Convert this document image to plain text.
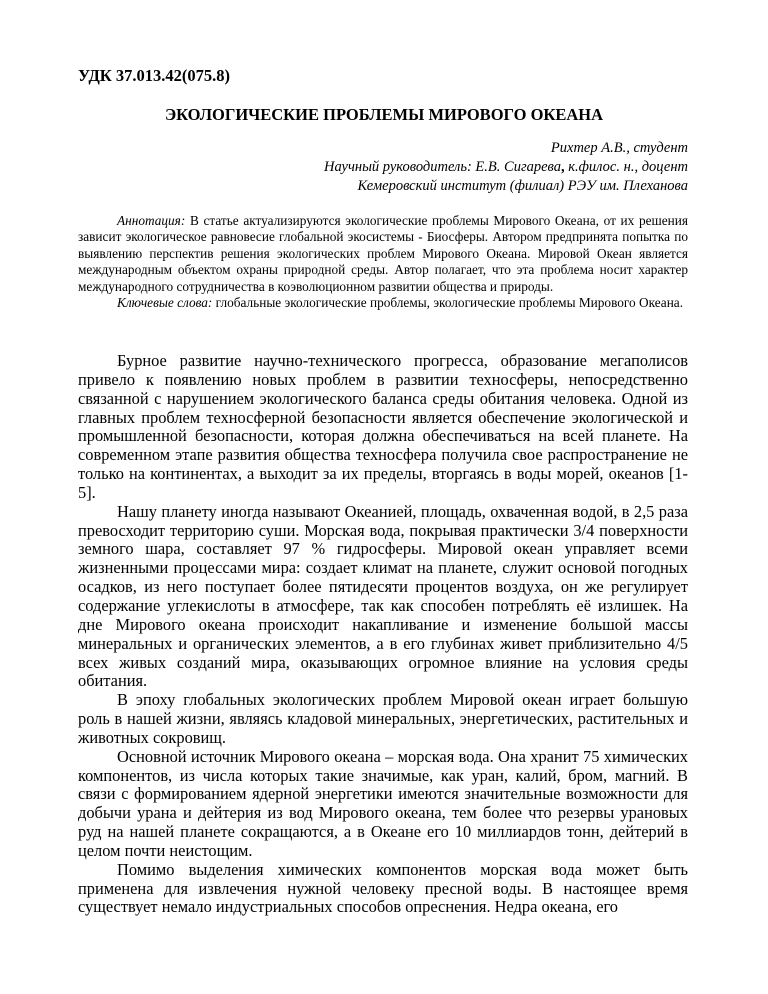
УДК 37.013.42(075.8)
ЭКОЛОГИЧЕСКИЕ ПРОБЛЕМЫ МИРОВОГО ОКЕАНА
Рихтер А.В., студент
Научный руководитель: Е.В. Сигарева, к.филос. н., доцент
Кемеровский институт (филиал) РЭУ им. Плеханова

Аннотация: В статье актуализируются экологические проблемы Мирового Океана, от их решения зависит экологическое равновесие глобальной экосистемы - Биосферы. Автором предпринята попытка по выявлению перспектив решения экологических проблем Мирового Океана. Мировой Океан является международным объектом охраны природной среды. Автор полагает, что эта проблема носит характер международного сотрудничества в коэволюционном развитии общества и природы.

Ключевые слова: глобальные экологические проблемы, экологические проблемы Мирового Океана.

Бурное развитие научно-технического прогресса, образование мегаполисов привело к появлению новых проблем в развитии техносферы, непосредственно связанной с нарушением экологического баланса среды обитания человека. Одной из главных проблем техносферной безопасности является обеспечение экологической и промышленной безопасности, которая должна обеспечиваться на всей планете. На современном этапе развития общества техносфера получила свое распространение не только на континентах, а выходит за их пределы, вторгаясь в воды морей, океанов [1-5].

Нашу планету иногда называют Океанией, площадь, охваченная водой, в 2,5 раза превосходит территорию суши. Морская вода, покрывая практически 3/4 поверхности земного шара, составляет 97 % гидросферы. Мировой океан управляет всеми жизненными процессами мира: создает климат на планете, служит основой погодных осадков, из него поступает более пятидесяти процентов воздуха, он же регулирует содержание углекислоты в атмосфере, так как способен потреблять её излишек. На дне Мирового океана происходит накапливание и изменение большой массы минеральных и органических элементов, а в его глубинах живет приблизительно 4/5 всех живых созданий мира, оказывающих огромное влияние на условия среды обитания.

В эпоху глобальных экологических проблем Мировой океан играет большую роль в нашей жизни, являясь кладовой минеральных, энергетических, растительных и животных сокровищ.

Основной источник Мирового океана – морская вода. Она хранит 75 химических компонентов, из числа которых такие значимые, как уран, калий, бром, магний. В связи с формированием ядерной энергетики имеются значительные возможности для добычи урана и дейтерия из вод Мирового океана, тем более что резервы урановых руд на нашей планете сокращаются, а в Океане его 10 миллиардов тонн, дейтерий в целом почти неистощим.

Помимо выделения химических компонентов морская вода может быть применена для извлечения нужной человеку пресной воды. В настоящее время существует немало индустриальных способов опреснения. Недра океана, его
